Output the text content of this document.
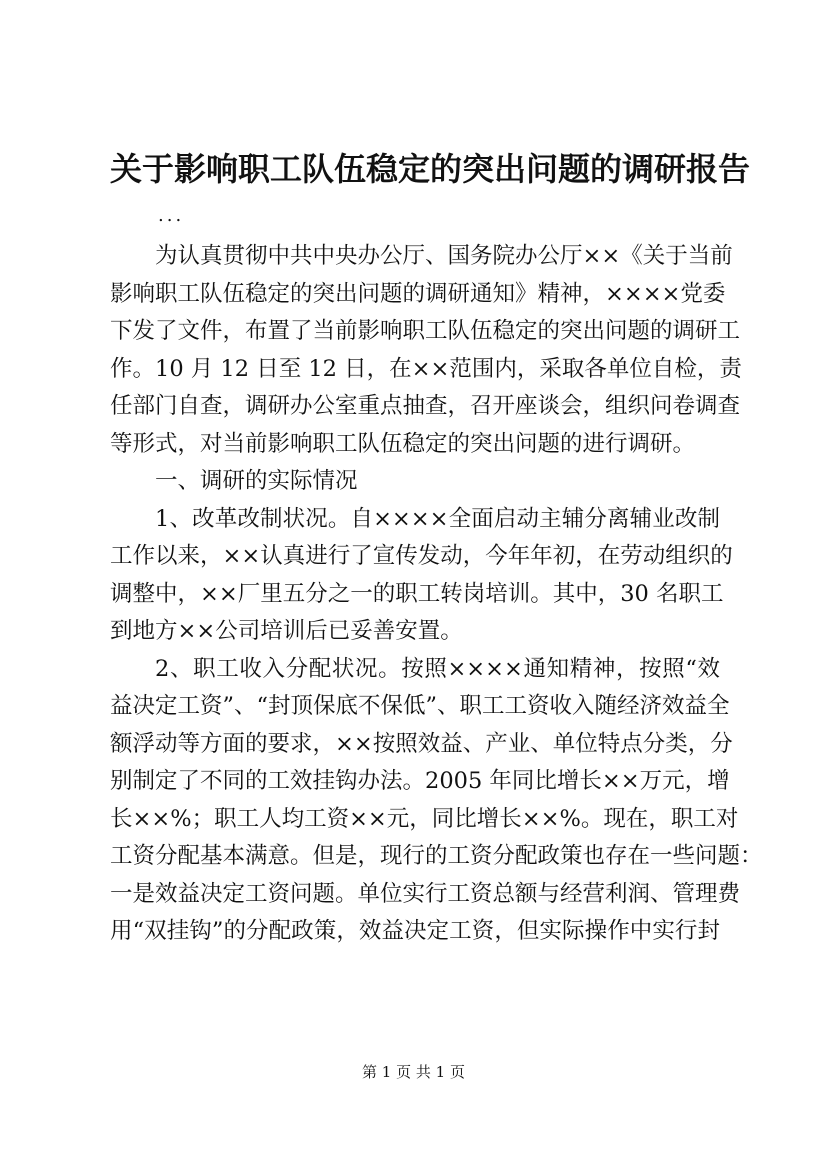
关于影响职工队伍稳定的突出问题的调研报告
...
为认真贯彻中共中央办公厅、国务院办公厅××《关于当前
影响职工队伍稳定的突出问题的调研通知》精神，××××党委
下发了文件，布置了当前影响职工队伍稳定的突出问题的调研工
作。10 月 12 日至 12 日，在××范围内，采取各单位自检，责
任部门自查，调研办公室重点抽查，召开座谈会，组织问卷调查
等形式，对当前影响职工队伍稳定的突出问题的进行调研。
一、调研的实际情况
1、改革改制状况。自××××全面启动主辅分离辅业改制
工作以来，××认真进行了宣传发动，今年年初，在劳动组织的
调整中，××厂里五分之一的职工转岗培训。其中，30 名职工
到地方××公司培训后已妥善安置。
2、职工收入分配状况。按照××××通知精神，按照“效
益决定工资”、“封顶保底不保低”、职工工资收入随经济效益全
额浮动等方面的要求，××按照效益、产业、单位特点分类，分
别制定了不同的工效挂钩办法。2005 年同比增长××万元，增
长××%；职工人均工资××元，同比增长××%。现在，职工对
工资分配基本满意。但是，现行的工资分配政策也存在一些问题：
一是效益决定工资问题。单位实行工资总额与经营利润、管理费
用“双挂钩”的分配政策，效益决定工资，但实际操作中实行封
第 1 页 共 1 页
